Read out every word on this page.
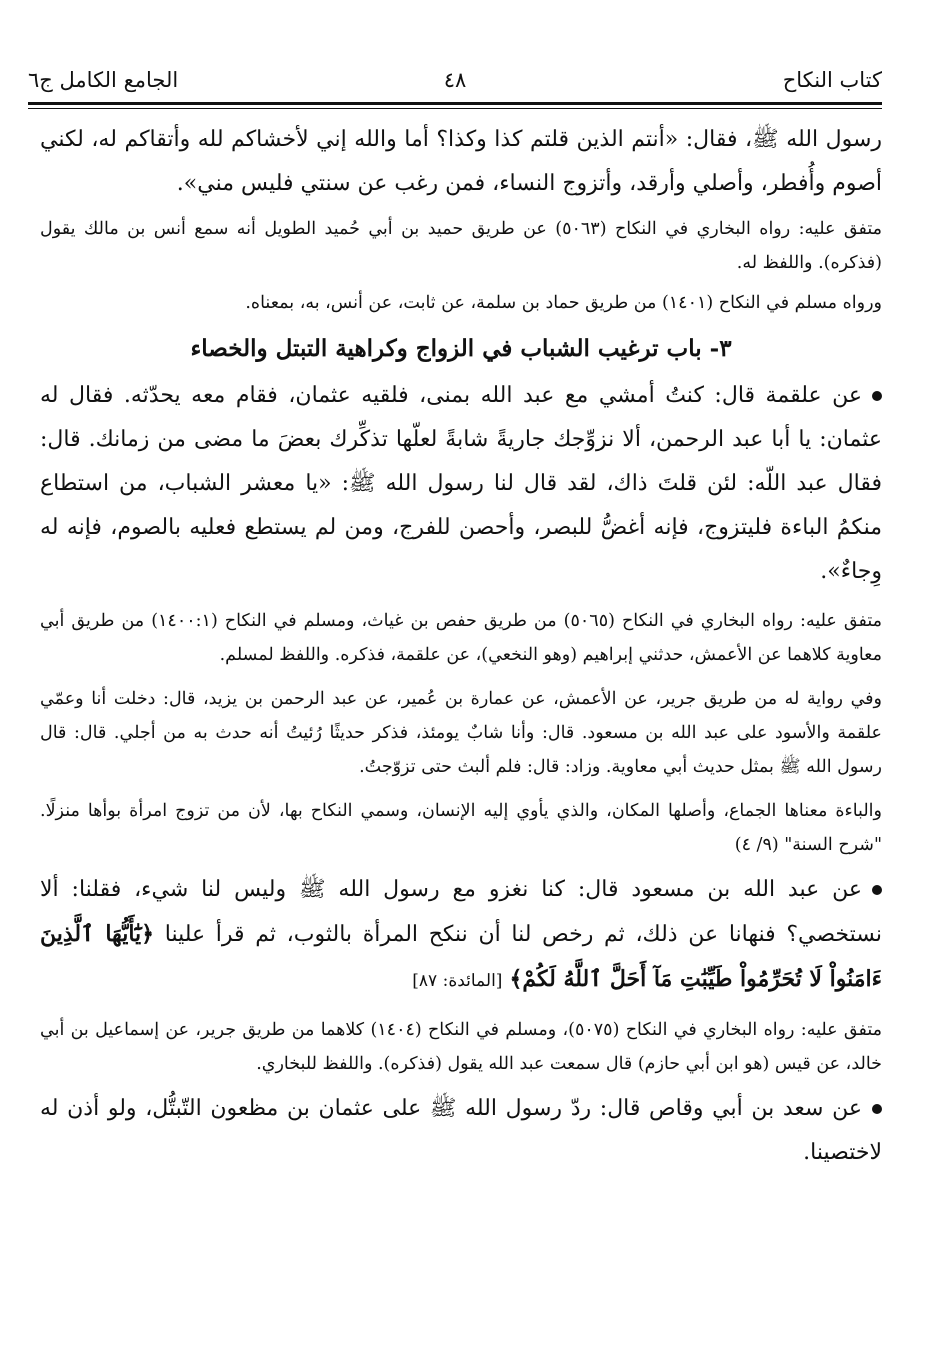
كتاب النكاح
٤٨
الجامع الكامل ج٦

رسول الله ﷺ، فقال: «أنتم الذين قلتم كذا وكذا؟ أما والله إني لأخشاكم لله وأتقاكم له، لكني أصوم وأُفطر، وأصلي وأرقد، وأتزوج النساء، فمن رغب عن سنتي فليس مني».

متفق عليه: رواه البخاري في النكاح (٥٠٦٣) عن طريق حميد بن أبي حُميد الطويل أنه سمع أنس بن مالك يقول (فذكره). واللفظ له.

ورواه مسلم في النكاح (١٤٠١) من طريق حماد بن سلمة، عن ثابت، عن أنس، به، بمعناه.

٣- باب ترغيب الشباب في الزواج وكراهية التبتل والخصاء

عن علقمة قال: كنتُ أمشي مع عبد الله بمنى، فلقيه عثمان، فقام معه يحدّثه. فقال له عثمان: يا أبا عبد الرحمن، ألا نزوِّجك جاريةً شابةً لعلّها تذكِّرك بعضَ ما مضى من زمانك. قال: فقال عبد اللّه: لئن قلتَ ذاك، لقد قال لنا رسول الله ﷺ: «يا معشر الشباب، من استطاع منكمُ الباءة فليتزوج، فإنه أغضُّ للبصر، وأحصن للفرج، ومن لم يستطع فعليه بالصوم، فإنه له وِجاءٌ».

متفق عليه: رواه البخاري في النكاح (٥٠٦٥) من طريق حفص بن غياث، ومسلم في النكاح (١٤٠٠:١) من طريق أبي معاوية كلاهما عن الأعمش، حدثني إبراهيم (وهو النخعي)، عن علقمة، فذكره. واللفظ لمسلم.

وفي رواية له من طريق جرير، عن الأعمش، عن عمارة بن عُمير، عن عبد الرحمن بن يزيد، قال: دخلت أنا وعمّي علقمة والأسود على عبد الله بن مسعود. قال: وأنا شابٌ يومئذ، فذكر حديثًا رُئيتُ أنه حدث به من أجلي. قال: قال رسول الله ﷺ بمثل حديث أبي معاوية. وزاد: قال: فلم ألبث حتى تزوّجتُ.

والباءة معناها الجماع، وأصلها المكان، والذي يأوي إليه الإنسان، وسمي النكاح بها، لأن من تزوج امرأة بوأها منزلًا. "شرح السنة" (٩/ ٤)

عن عبد الله بن مسعود قال: كنا نغزو مع رسول الله ﷺ وليس لنا شيء، فقلنا: ألا نستخصي؟ فنهانا عن ذلك، ثم رخص لنا أن ننكح المرأة بالثوب، ثم قرأ علينا ﴿يَٰٓأَيُّهَا ٱلَّذِينَ ءَامَنُواْ لَا تُحَرِّمُواْ طَيِّبَٰتِ مَآ أَحَلَّ ٱللَّهُ لَكُمْ﴾ [المائدة: ٨٧]

متفق عليه: رواه البخاري في النكاح (٥٠٧٥)، ومسلم في النكاح (١٤٠٤) كلاهما من طريق جرير، عن إسماعيل بن أبي خالد، عن قيس (هو ابن أبي حازم) قال سمعت عبد الله يقول (فذكره). واللفظ للبخاري.

عن سعد بن أبي وقاص قال: ردّ رسول الله ﷺ على عثمان بن مظعون التّبتُّل، ولو أذن له لاختصينا.
